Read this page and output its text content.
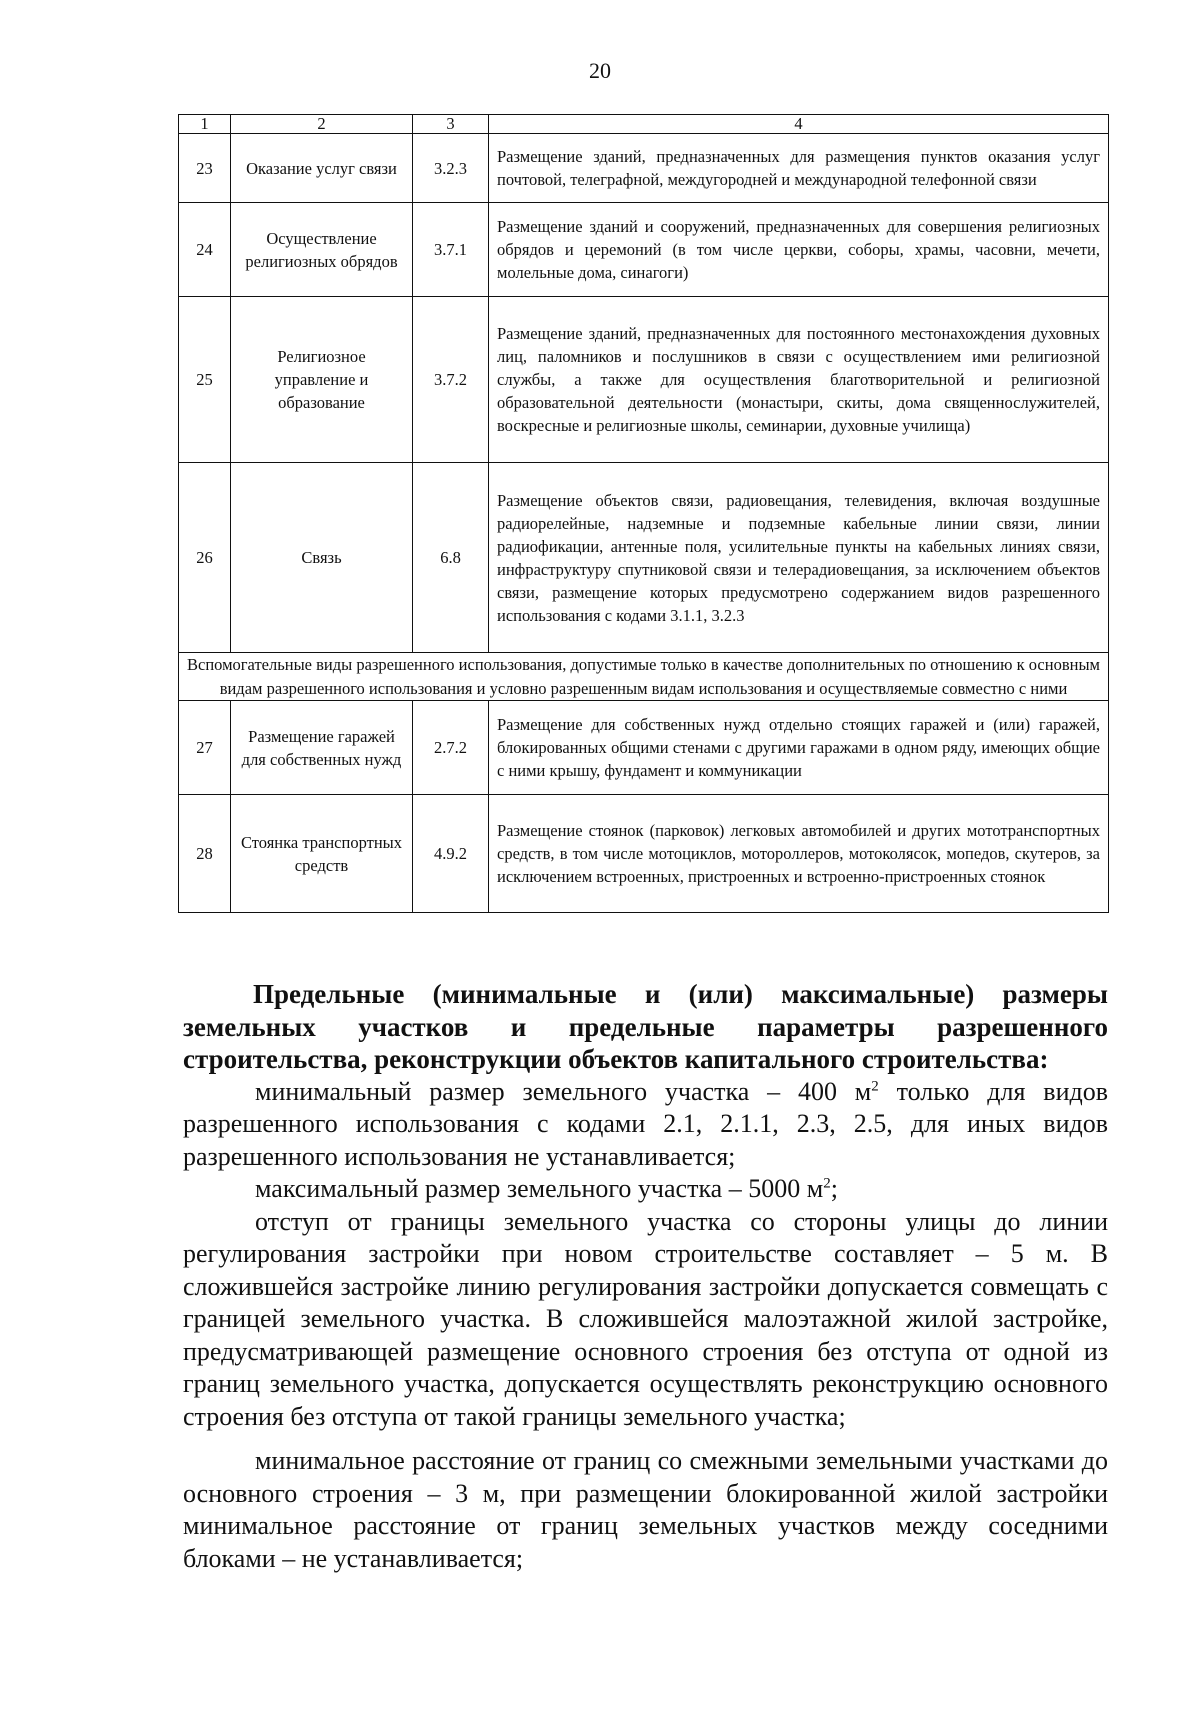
20
1	2	3	4
23	Оказание услуг связи	3.2.3	Размещение зданий, предназначенных для размещения пунктов оказания услуг почтовой, телеграфной, междугородней и международной телефонной связи
24	Осуществление религиозных обрядов	3.7.1	Размещение зданий и сооружений, предназначенных для совершения религиозных обрядов и церемоний (в том числе церкви, соборы, храмы, часовни, мечети, молельные дома, синагоги)
25	Религиозное управление и образование	3.7.2	Размещение зданий, предназначенных для постоянного местонахождения духовных лиц, паломников и послушников в связи с осуществлением ими религиозной службы, а также для осуществления благотворительной и религиозной образовательной деятельности (монастыри, скиты, дома священнослужителей, воскресные и религиозные школы, семинарии, духовные училища)
26	Связь	6.8	Размещение объектов связи, радиовещания, телевидения, включая воздушные радиорелейные, надземные и подземные кабельные линии связи, линии радиофикации, антенные поля, усилительные пункты на кабельных линиях связи, инфраструктуру спутниковой связи и телерадиовещания, за исключением объектов связи, размещение которых предусмотрено содержанием видов разрешенного использования с кодами 3.1.1, 3.2.3
Вспомогательные виды разрешенного использования, допустимые только в качестве дополнительных по отношению к основным видам разрешенного использования и условно разрешенным видам использования и осуществляемые совместно с ними			
27	Размещение гаражей для собственных нужд	2.7.2	Размещение для собственных нужд отдельно стоящих гаражей и (или) гаражей, блокированных общими стенами с другими гаражами в одном ряду, имеющих общие с ними крышу, фундамент и коммуникации
28	Стоянка транспортных средств	4.9.2	Размещение стоянок (парковок) легковых автомобилей и других мототранспортных средств, в том числе мотоциклов, мотороллеров, мотоколясок, мопедов, скутеров, за исключением встроенных, пристроенных и встроенно-пристроенных стоянок

Предельные (минимальные и (или) максимальные) размеры земельных участков и предельные параметры разрешенного строительства, реконструкции объектов капитального строительства:

минимальный размер земельного участка – 400 $м^2$ только для видов разрешенного использования с кодами 2.1, 2.1.1, 2.3, 2.5, для иных видов разрешенного использования не устанавливается;

максимальный размер земельного участка – 5000 $м^2$;

отступ от границы земельного участка со стороны улицы до линии регулирования застройки при новом строительстве составляет – 5 м. В сложившейся застройке линию регулирования застройки допускается совмещать с границей земельного участка. В сложившейся малоэтажной жилой застройке, предусматривающей размещение основного строения без отступа от одной из границ земельного участка, допускается осуществлять реконструкцию основного строения без отступа от такой границы земельного участка;

минимальное расстояние от границ со смежными земельными участками до основного строения – 3 м, при размещении блокированной жилой застройки минимальное расстояние от границ земельных участков между соседними блоками – не устанавливается;
